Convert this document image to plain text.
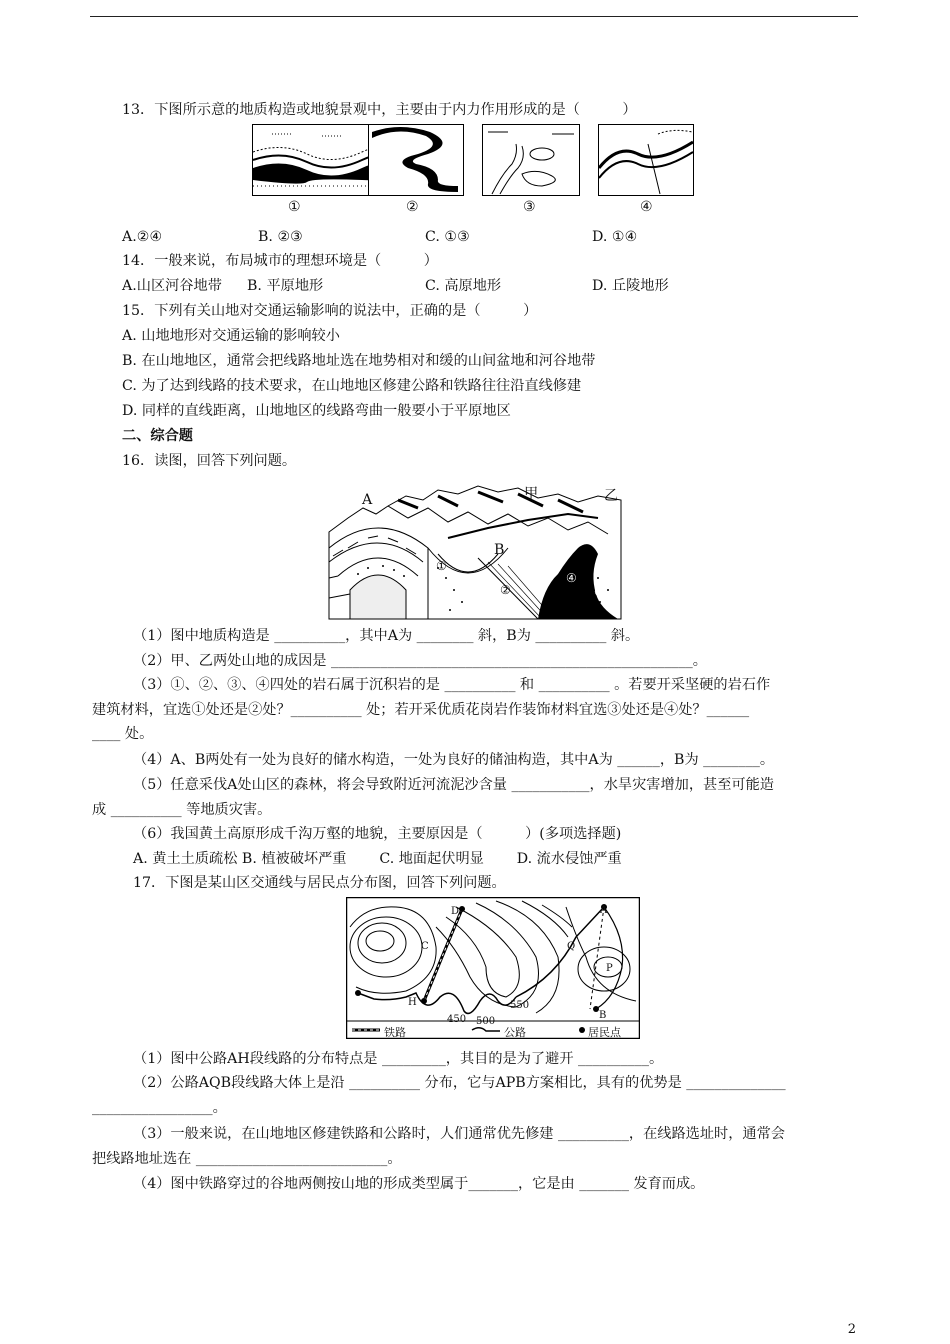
13．下图所示意的地质构造或地貌景观中，主要由于内力作用形成的是（　　　）
①	②	③	④
A.②④	B. ②③	C. ①③	D. ①④
14．一般来说，布局城市的理想环境是（　　　）
A.山区河谷地带 B. 平原地形	C. 高原地形	D. 丘陵地形
15．下列有关山地对交通运输影响的说法中，正确的是（　　　）
A. 山地地形对交通运输的影响较小
B. 在山地地区，通常会把线路地址选在地势相对和缓的山间盆地和河谷地带
C. 为了达到线路的技术要求，在山地地区修建公路和铁路往往沿直线修建
D. 同样的直线距离，山地地区的线路弯曲一般要小于平原地区
二、综合题
16．读图，回答下列问题。
A	甲	乙
B
①
②
④
③
（1）图中地质构造是 __________，其中A为 ________ 斜，B为 __________ 斜。
（2）甲、乙两处山地的成因是 ___________________________________________________。
（3）①、②、③、④四处的岩石属于沉积岩的是 __________ 和 __________ 。若要开采坚硬的岩石作
建筑材料，宜选①处还是②处？__________ 处；若开采优质花岗岩作装饰材料宜选③处还是④处？______
____ 处。
（4）A、B两处有一处为良好的储水构造，一处为良好的储油构造，其中A为 ______，B为 ________。
（5）任意采伐A处山区的森林，将会导致附近河流泥沙含量 ___________，水旱灾害增加，甚至可能造
成 __________ 等地质灾害。
（6）我国黄土高原形成千沟万壑的地貌，主要原因是（　　　）(多项选择题)
A. 黄土土质疏松 B. 植被破坏严重　　 C. 地面起伏明显　　 D. 流水侵蚀严重
17．下图是某山区交通线与居民点分布图，回答下列问题。
D	A
C	Q
P
H
B
550
450 500
铁路	公路	居民点
（1）图中公路AH段线路的分布特点是 _________，其目的是为了避开 __________。
（2）公路AQB段线路大体上是沿 __________ 分布，它与APB方案相比，具有的优势是 ______________
_________________。
（3）一般来说，在山地地区修建铁路和公路时，人们通常优先修建 __________，在线路选址时，通常会
把线路地址选在 ___________________________。
（4）图中铁路穿过的谷地两侧按山地的形成类型属于_______，它是由 _______ 发育而成。
2
